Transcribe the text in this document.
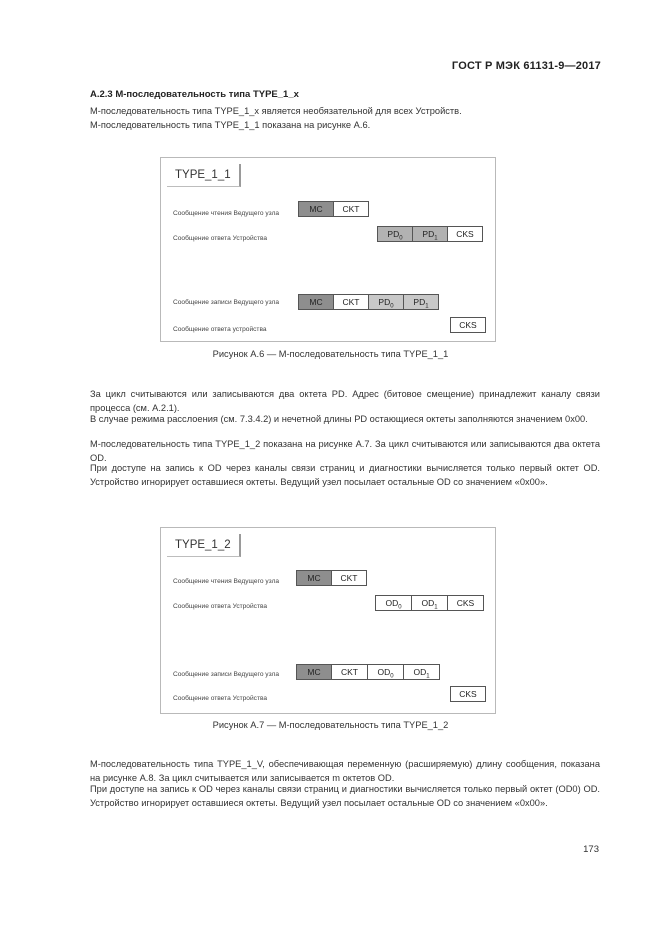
ГОСТ Р МЭК 61131-9—2017
А.2.3 М-последовательность типа TYPE_1_x
М-последовательность типа TYPE_1_x является необязательной для всех Устройств.
М-последовательность типа TYPE_1_1 показана на рисунке А.6.
TYPE_1_1
Сообщение чтения Ведущего узла	MC	CKT
Сообщение ответа Устройства	$PD_0$	$PD_1$	CKS
Сообщение записи Ведущего узла	MC	CKT	$PD_0$	$PD_1$
Сообщение ответа устройства	CKS
Рисунок А.6 — М-последовательность типа TYPE_1_1
За цикл считываются или записываются два октета PD. Адрес (битовое смещение) принадлежит каналу связи процесса (см. А.2.1).
В случае режима расслоения (см. 7.3.4.2) и нечетной длины PD остающиеся октеты заполняются значением 0x00.
М-последовательность типа TYPE_1_2 показана на рисунке А.7. За цикл считываются или записываются два октета OD.
При доступе на запись к OD через каналы связи страниц и диагностики вычисляется только первый октет OD. Устройство игнорирует оставшиеся октеты. Ведущий узел посылает остальные OD со значением «0x00».
TYPE_1_2
Сообщение чтения Ведущего узла	MC	CKT
Сообщение ответа Устройства	$OD_0$	$OD_1$	CKS
Сообщение записи Ведущего узла	MC	CKT	$OD_0$	$OD_1$
Сообщение ответа Устройства	CKS
Рисунок А.7 — М-последовательность типа TYPE_1_2
М-последовательность типа TYPE_1_V, обеспечивающая переменную (расширяемую) длину сообщения, показана на рисунке А.8. За цикл считывается или записывается m октетов OD.
При доступе на запись к OD через каналы связи страниц и диагностики вычисляется только первый октет (OD0) OD. Устройство игнорирует оставшиеся октеты. Ведущий узел посылает остальные OD со значением «0x00».
173
